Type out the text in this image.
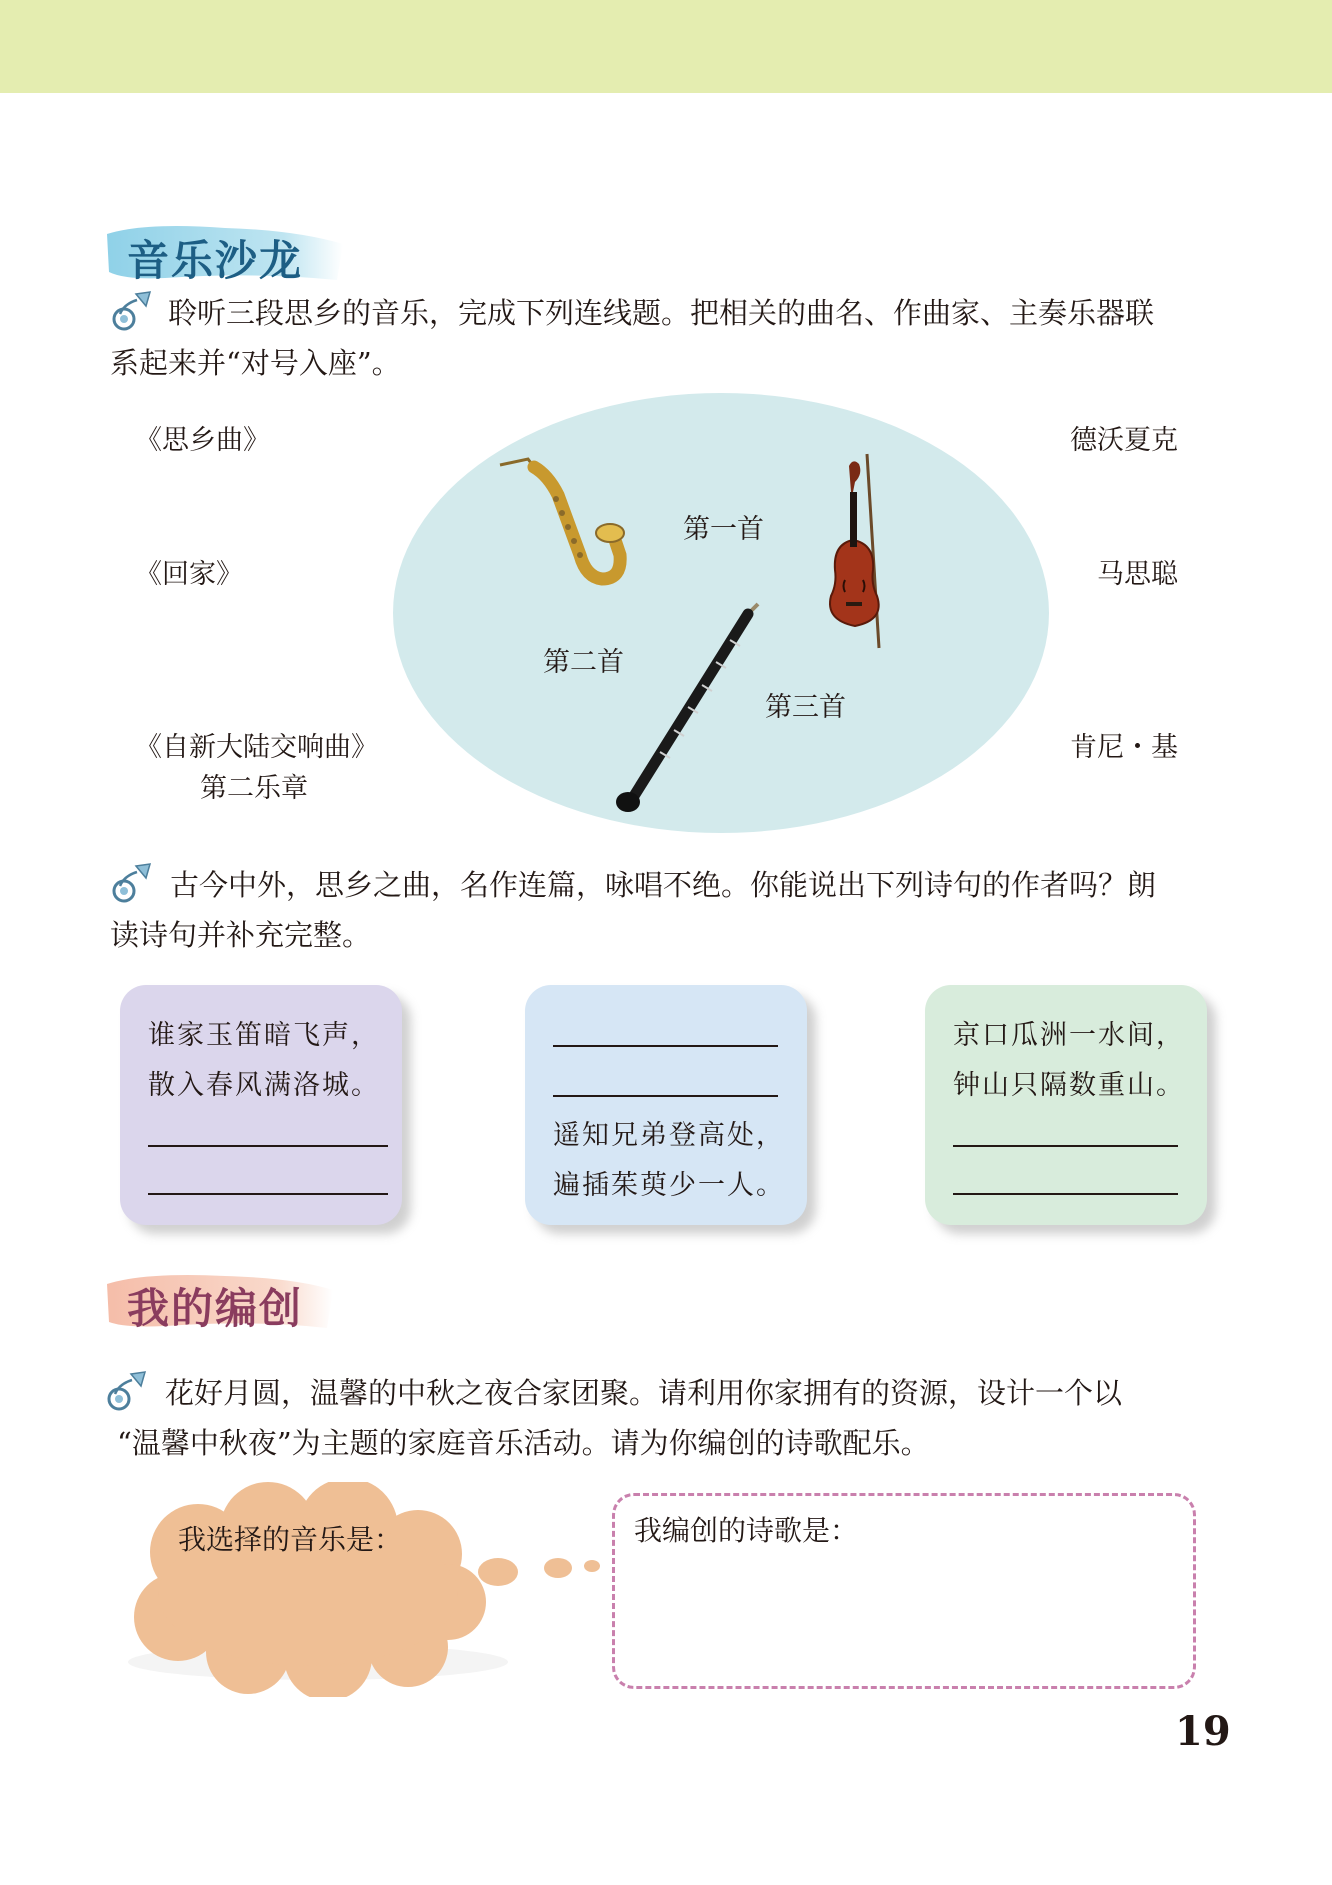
音乐沙龙
聆听三段思乡的音乐，完成下列连线题。把相关的曲名、作曲家、主奏乐器联
系起来并“对号入座”。
《思乡曲》
《回家》
《自新大陆交响曲》
第二乐章
德沃夏克
马思聪
肯尼・基
第一首
第二首
第三首
古今中外，思乡之曲，名作连篇，咏唱不绝。你能说出下列诗句的作者吗？朗
读诗句并补充完整。
谁家玉笛暗飞声，
散入春风满洛城。
遥知兄弟登高处，
遍插茱萸少一人。
京口瓜洲一水间，
钟山只隔数重山。
我的编创
花好月圆，温馨的中秋之夜合家团聚。请利用你家拥有的资源，设计一个以
“温馨中秋夜”为主题的家庭音乐活动。请为你编创的诗歌配乐。
我选择的音乐是：	我编创的诗歌是：
19
